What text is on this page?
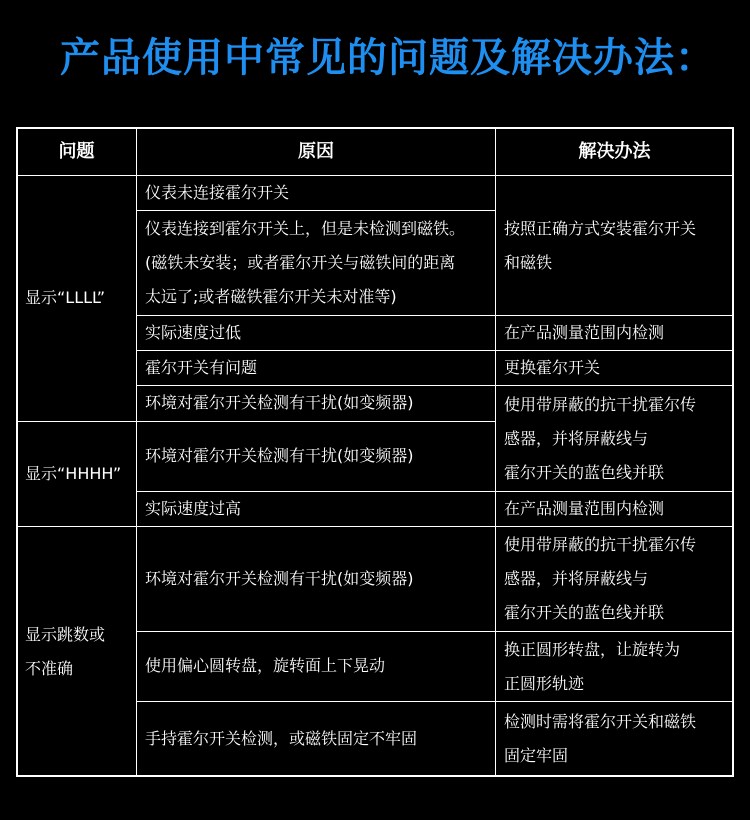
产品使用中常见的问题及解决办法：
问题	原因	解决办法
显示“LLLL”
显示“HHHH”
显示跳数或
不准确
仪表未连接霍尔开关
仪表连接到霍尔开关上，但是未检测到磁铁。
(磁铁未安装；或者霍尔开关与磁铁间的距离
太远了;或者磁铁霍尔开关未对准等)
实际速度过低
霍尔开关有问题
环境对霍尔开关检测有干扰(如变频器)
环境对霍尔开关检测有干扰(如变频器)
实际速度过高
环境对霍尔开关检测有干扰(如变频器)
使用偏心圆转盘，旋转面上下晃动
手持霍尔开关检测，或磁铁固定不牢固
按照正确方式安装霍尔开关
和磁铁
在产品测量范围内检测
更换霍尔开关
使用带屏蔽的抗干扰霍尔传
感器，并将屏蔽线与
霍尔开关的蓝色线并联
在产品测量范围内检测
使用带屏蔽的抗干扰霍尔传
感器，并将屏蔽线与
霍尔开关的蓝色线并联
换正圆形转盘，让旋转为
正圆形轨迹
检测时需将霍尔开关和磁铁
固定牢固
